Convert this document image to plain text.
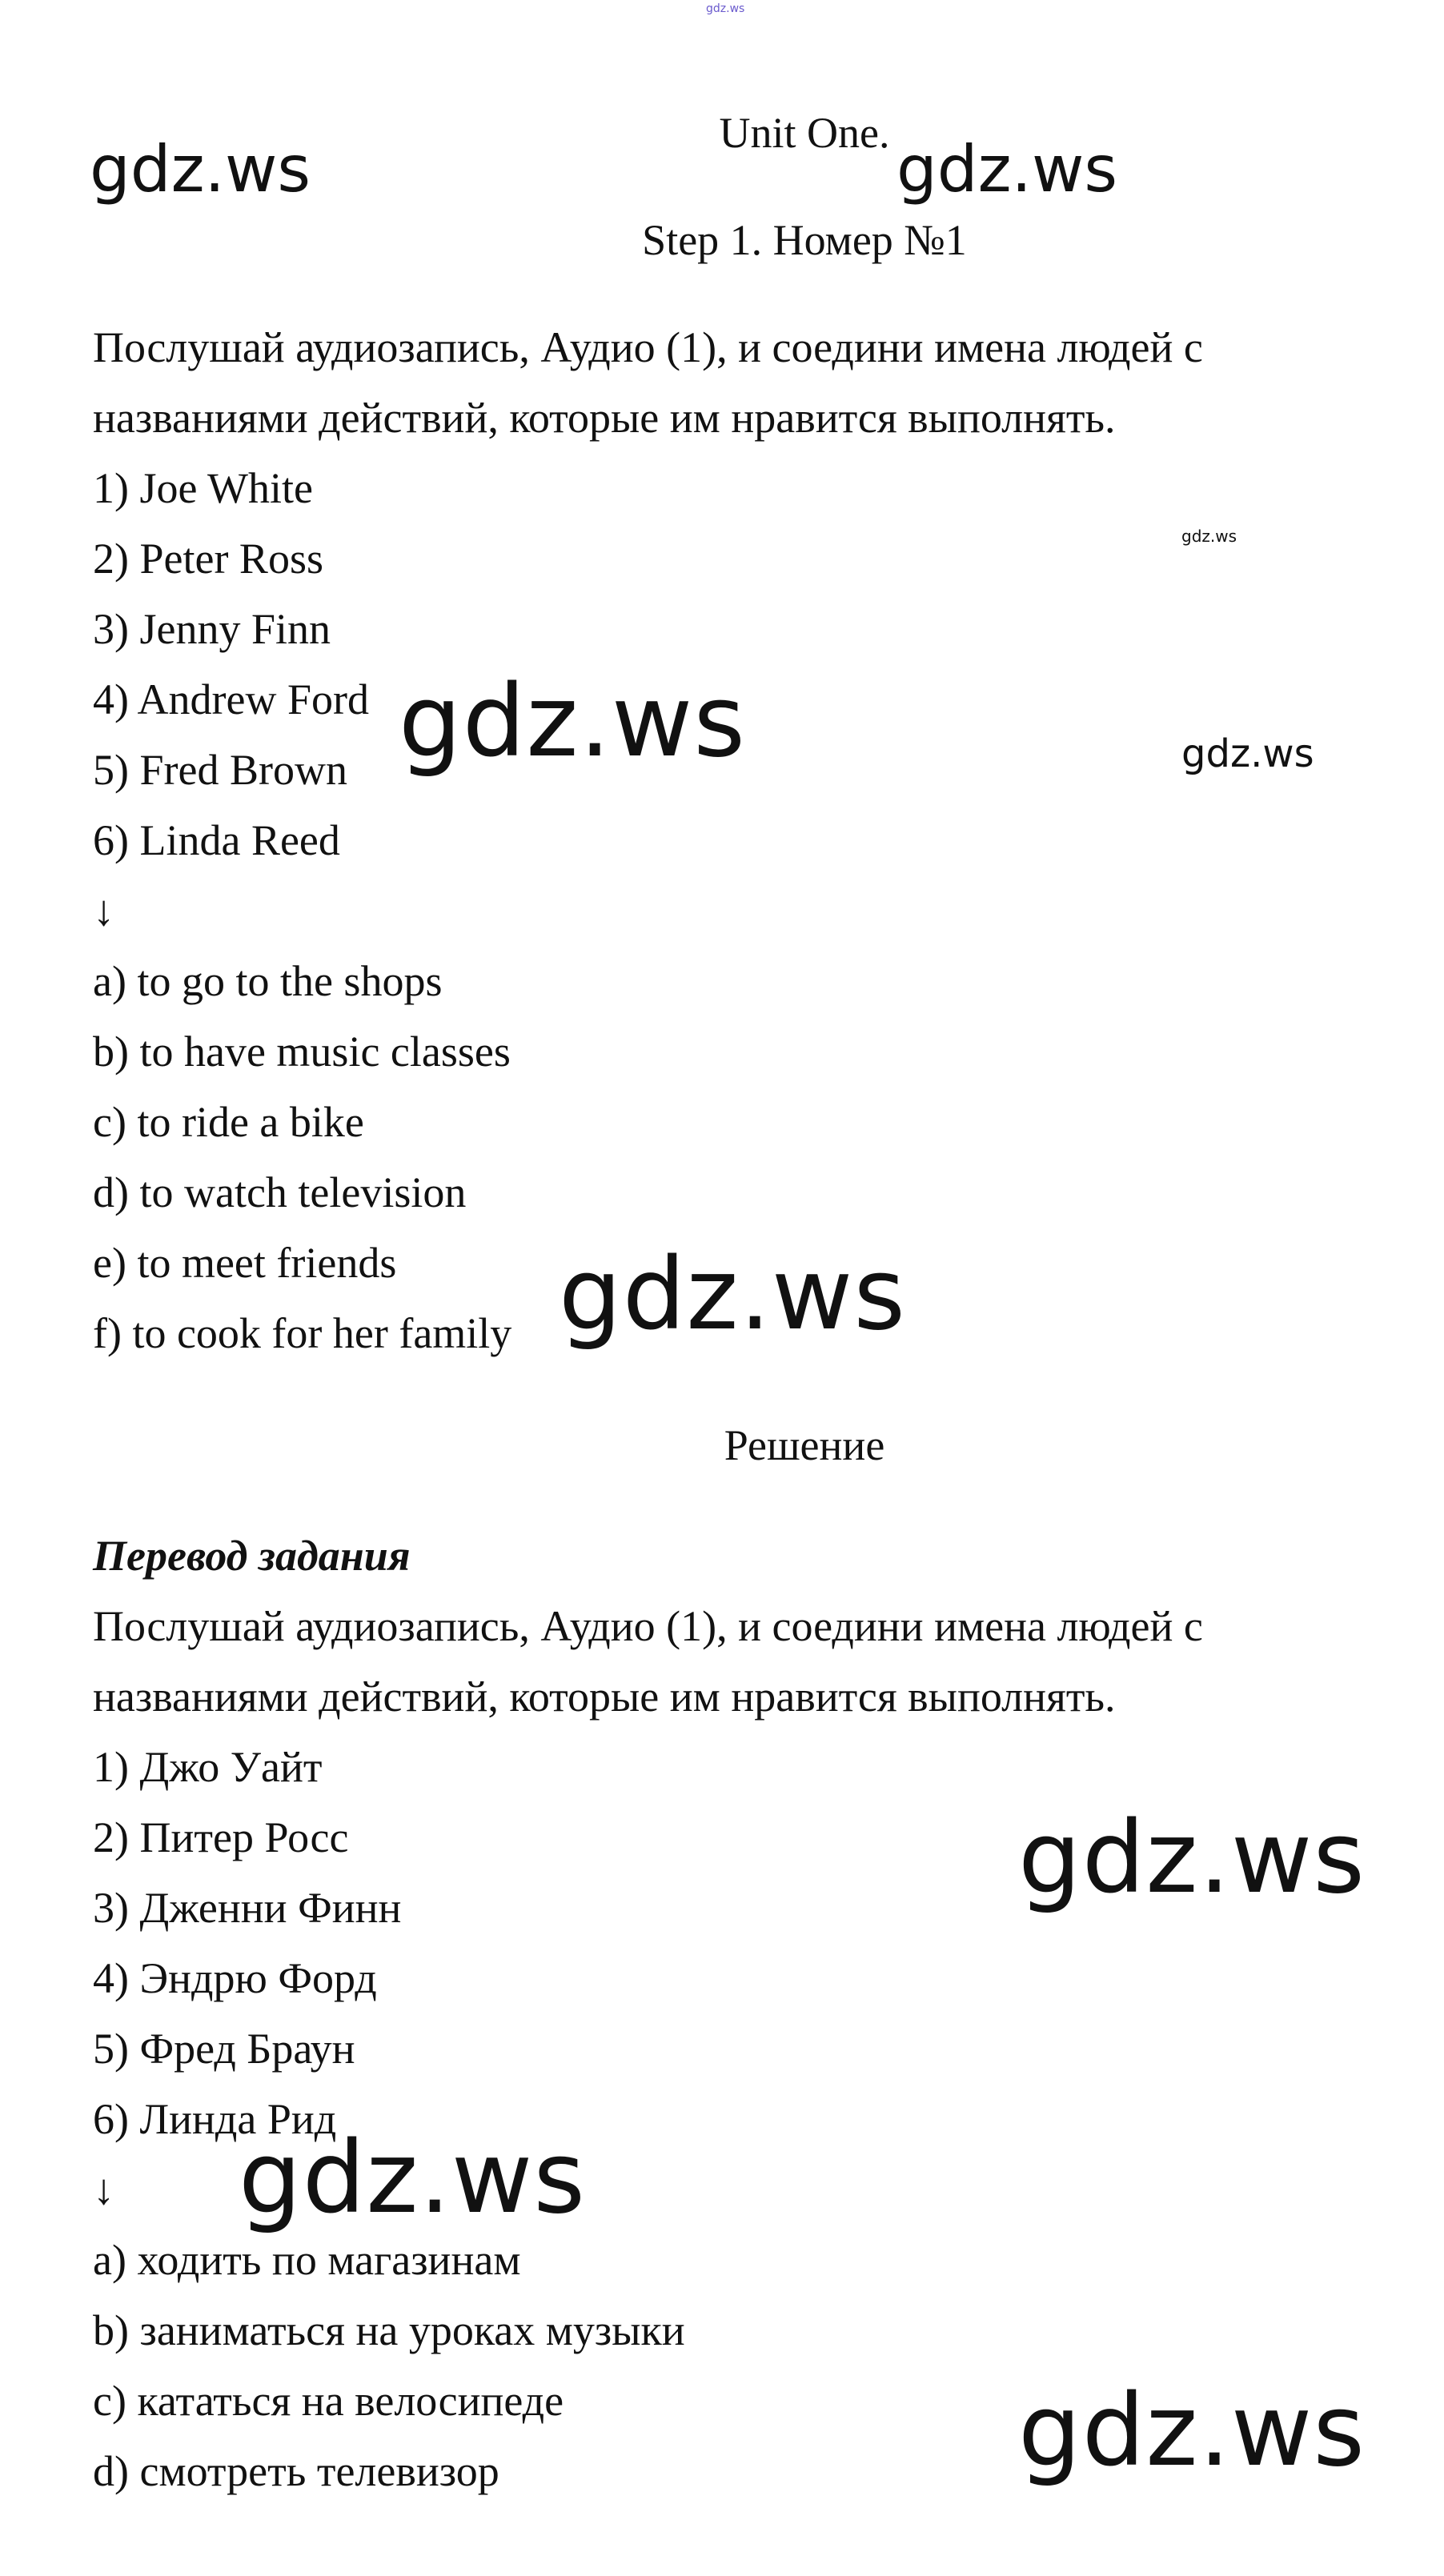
Unit One.
Step 1. Номер №1
Послушай аудиозапись, Аудио (1), и соедини имена людей с
названиями действий, которые им нравится выполнять.
1) Joe White
2) Peter Ross
3) Jenny Finn
4) Andrew Ford
5) Fred Brown
6) Linda Reed
↓
a) to go to the shops
b) to have music classes
c) to ride a bike
d) to watch television
e) to meet friends
f) to cook for her family
Решение
Перевод задания
Послушай аудиозапись, Аудио (1), и соедини имена людей с
названиями действий, которые им нравится выполнять.
1) Джо Уайт
2) Питер Росс
3) Дженни Финн
4) Эндрю Форд
5) Фред Браун
6) Линда Рид
↓
a) ходить по магазинам
b) заниматься на уроках музыки
c) кататься на велосипеде
d) смотреть телевизор
gdz.ws
gdz.ws	gdz.ws
gdz.ws
gdz.ws	gdz.ws
gdz.ws
gdz.ws
gdz.ws
gdz.ws
